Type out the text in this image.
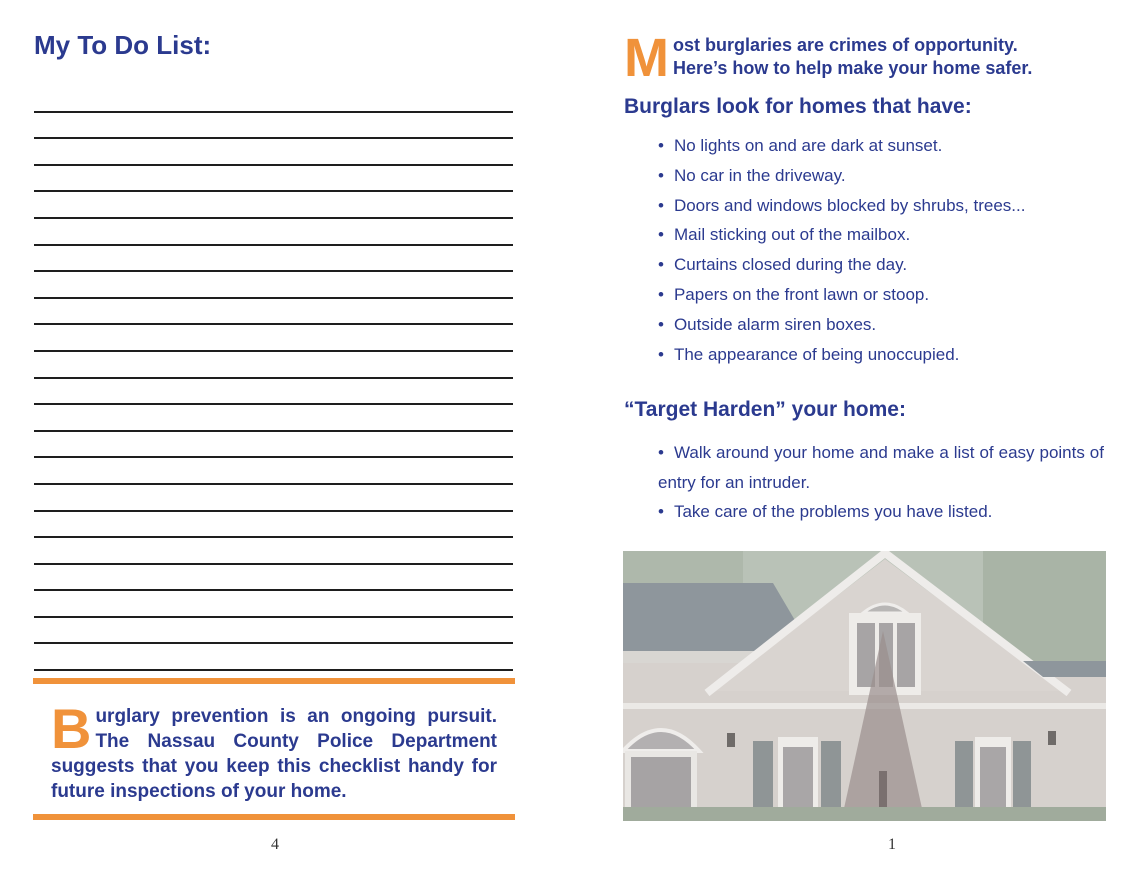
My To Do List:

Burglary prevention is an ongoing pursuit. The Nassau County Police Department suggests that you keep this checklist handy for future inspections of your home.

4

Most burglaries are crimes of opportunity.
Here’s how to help make your home safer.

Burglars look for homes that have:
• No lights on and are dark at sunset.
• No car in the driveway.
• Doors and windows blocked by shrubs, trees...
• Mail sticking out of the mailbox.
• Curtains closed during the day.
• Papers on the front lawn or stoop.
• Outside alarm siren boxes.
• The appearance of being unoccupied.
“Target Harden” your home:
• Walk around your home and make a list of easy points of entry for an intruder.
• Take care of the problems you have listed.
1
